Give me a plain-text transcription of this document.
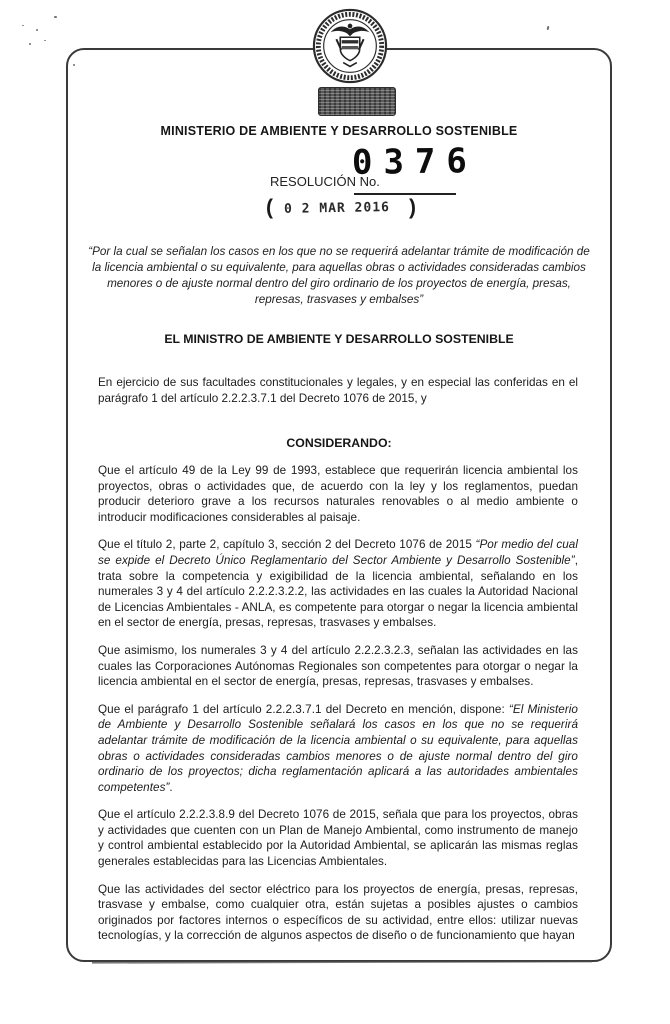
MINISTERIO DE AMBIENTE Y DESARROLLO SOSTENIBLE
RESOLUCIÓN No.
0376
( 0 2 MAR 2016 )
“Por la cual se señalan los casos en los que no se requerirá adelantar trámite de modificación de la licencia ambiental o su equivalente, para aquellas obras o actividades consideradas cambios menores o de ajuste normal dentro del giro ordinario de los proyectos de energía, presas, represas, trasvases y embalses”
EL MINISTRO DE AMBIENTE Y DESARROLLO SOSTENIBLE
En ejercicio de sus facultades constitucionales y legales, y en especial las conferidas en el parágrafo 1 del artículo 2.2.2.3.7.1 del Decreto 1076 de 2015, y
CONSIDERANDO:

Que el artículo 49 de la Ley 99 de 1993, establece que requerirán licencia ambiental los proyectos, obras o actividades que, de acuerdo con la ley y los reglamentos, puedan producir deterioro grave a los recursos naturales renovables o al medio ambiente o introducir modificaciones considerables al paisaje.

Que el título 2, parte 2, capítulo 3, sección 2 del Decreto 1076 de 2015 “Por medio del cual se expide el Decreto Único Reglamentario del Sector Ambiente y Desarrollo Sostenible”, trata sobre la competencia y exigibilidad de la licencia ambiental, señalando en los numerales 3 y 4 del artículo 2.2.2.3.2.2, las actividades en las cuales la Autoridad Nacional de Licencias Ambientales - ANLA, es competente para otorgar o negar la licencia ambiental en el sector de energía, presas, represas, trasvases y embalses.

Que asimismo, los numerales 3 y 4 del artículo 2.2.2.3.2.3, señalan las actividades en las cuales las Corporaciones Autónomas Regionales son competentes para otorgar o negar la licencia ambiental en el sector de energía, presas, represas, trasvases y embalses.

Que el parágrafo 1 del artículo 2.2.2.3.7.1 del Decreto en mención, dispone: “El Ministerio de Ambiente y Desarrollo Sostenible señalará los casos en los que no se requerirá adelantar trámite de modificación de la licencia ambiental o su equivalente, para aquellas obras o actividades consideradas cambios menores o de ajuste normal dentro del giro ordinario de los proyectos; dicha reglamentación aplicará a las autoridades ambientales competentes”.

Que el artículo 2.2.2.3.8.9 del Decreto 1076 de 2015, señala que para los proyectos, obras y actividades que cuenten con un Plan de Manejo Ambiental, como instrumento de manejo y control ambiental establecido por la Autoridad Ambiental, se aplicarán las mismas reglas generales establecidas para las Licencias Ambientales.

Que las actividades del sector eléctrico para los proyectos de energía, presas, represas, trasvase y embalse, como cualquier otra, están sujetas a posibles ajustes o cambios originados por factores internos o específicos de su actividad, entre ellos: utilizar nuevas tecnologías, y la corrección de algunos aspectos de diseño o de funcionamiento que hayan
